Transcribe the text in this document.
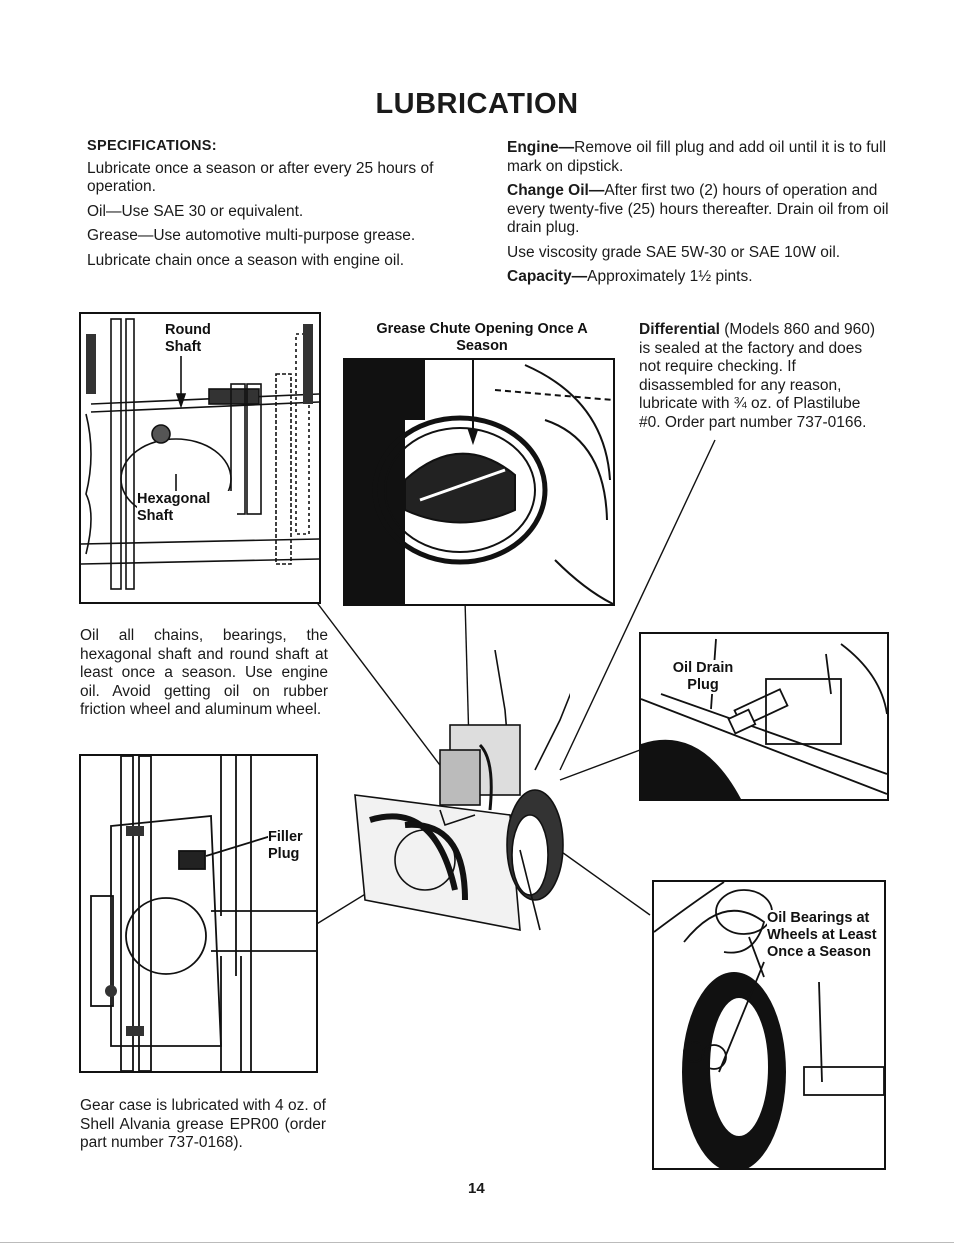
LUBRICATION

SPECIFICATIONS:

Lubricate once a season or after every 25 hours of operation.

Oil—Use SAE 30 or equivalent.

Grease—Use automotive multi-purpose grease.

Lubricate chain once a season with engine oil.

Engine—Remove oil fill plug and add oil until it is to full mark on dipstick.

Change Oil—After first two (2) hours of operation and every twenty-five (25) hours thereafter. Drain oil from oil drain plug.

Use viscosity grade SAE 5W-30 or SAE 10W oil.

Capacity—Approximately 1½ pints.

Round Shaft
Hexagonal Shaft
Grease Chute Opening Once A Season
Differential (Models 860 and 960) is sealed at the factory and does not require checking. If disassembled for any reason, lubricate with ¾ oz. of Plastilube #0. Order part number 737-0166.
Oil all chains, bearings, the hexagonal shaft and round shaft at least once a season. Use engine oil. Avoid getting oil on rubber friction wheel and aluminum wheel.
Oil Drain Plug
Filler Plug
Oil Bearings at Wheels at Least Once a Season
Gear case is lubricated with 4 oz. of Shell Alvania grease EPR00 (order part number 737-0168).
14
